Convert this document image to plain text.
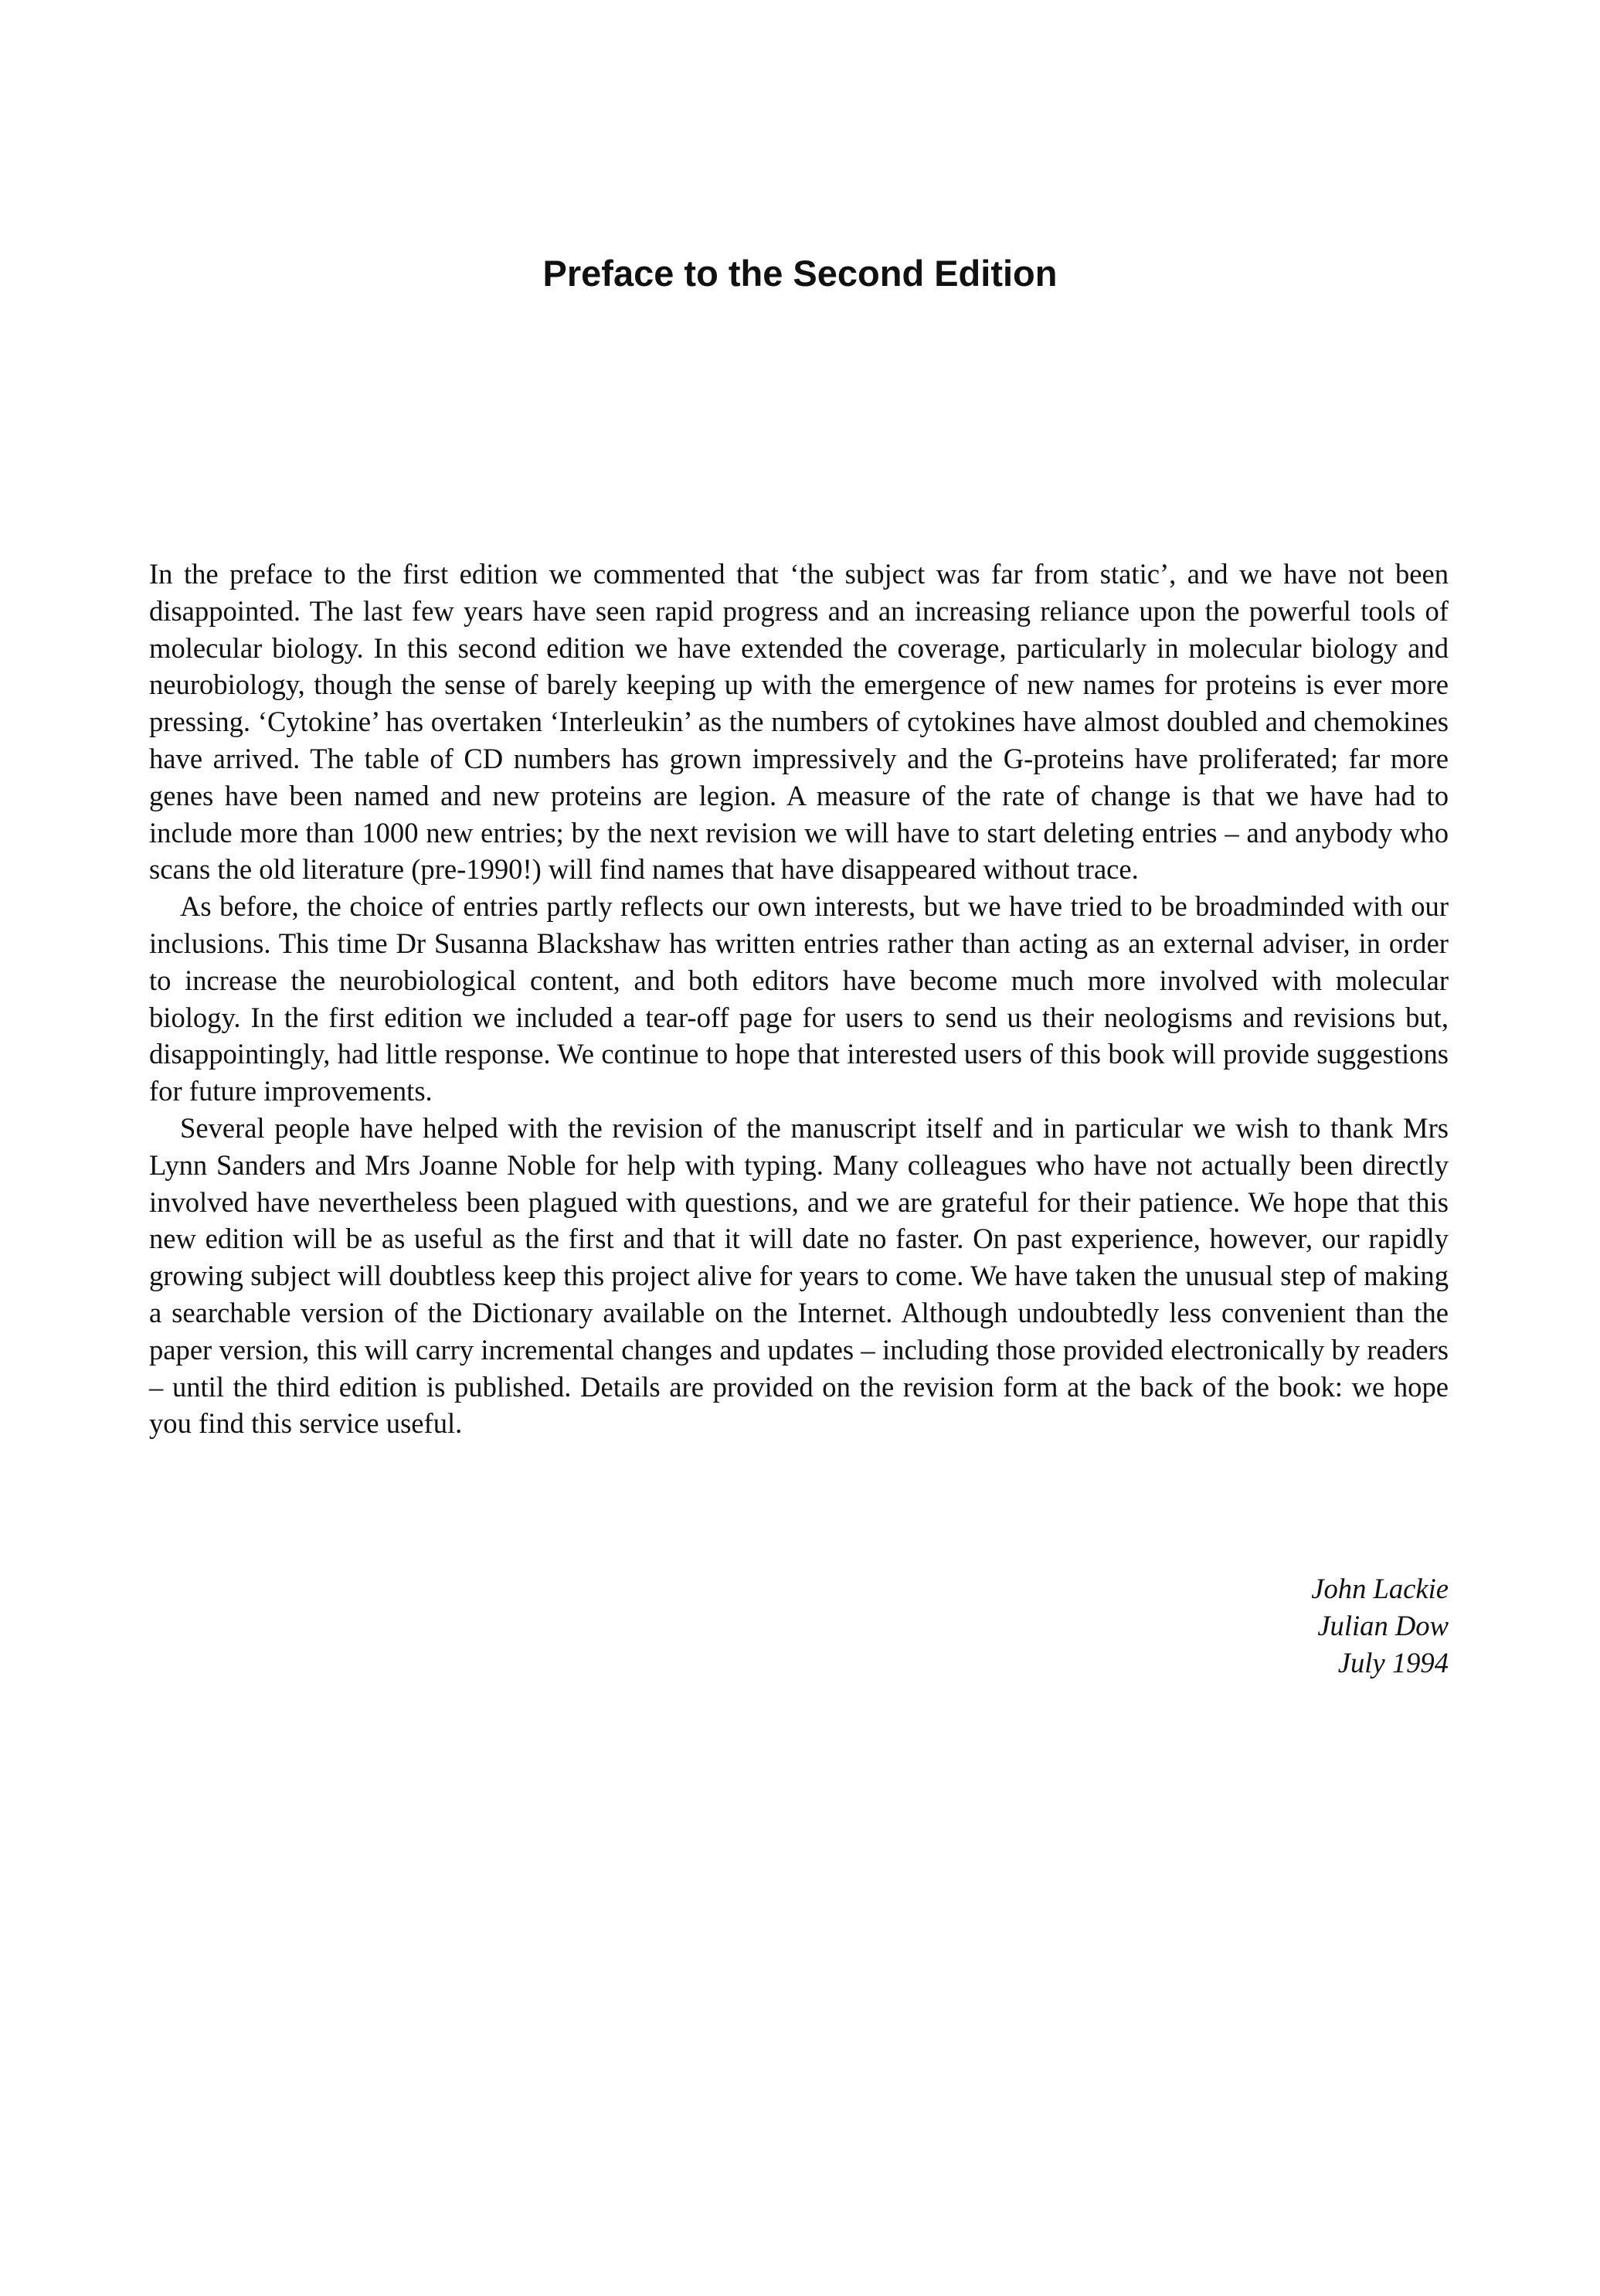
Preface to the Second Edition

In the preface to the first edition we commented that ‘the subject was far from static’, and we have not been disappointed. The last few years have seen rapid progress and an increasing reliance upon the powerful tools of molecular biology. In this second edition we have extended the coverage, particularly in molecular biology and neurobiology, though the sense of barely keeping up with the emergence of new names for proteins is ever more pressing. ‘Cytokine’ has overtaken ‘Interleukin’ as the numbers of cytokines have almost doubled and chemokines have arrived. The table of CD numbers has grown impressively and the G-proteins have proliferated; far more genes have been named and new proteins are legion. A measure of the rate of change is that we have had to include more than 1000 new entries; by the next revision we will have to start deleting entries – and anybody who scans the old literature (pre-1990!) will find names that have disappeared without trace.

As before, the choice of entries partly reflects our own interests, but we have tried to be broadminded with our inclusions. This time Dr Susanna Blackshaw has written entries rather than acting as an external adviser, in order to increase the neurobiological content, and both editors have become much more involved with molecular biology. In the first edition we included a tear-off page for users to send us their neologisms and revisions but, disappointingly, had little response. We continue to hope that interested users of this book will provide suggestions for future improvements.

Several people have helped with the revision of the manuscript itself and in particular we wish to thank Mrs Lynn Sanders and Mrs Joanne Noble for help with typing. Many colleagues who have not actually been directly involved have nevertheless been plagued with questions, and we are grateful for their patience. We hope that this new edition will be as useful as the first and that it will date no faster. On past experience, however, our rapidly growing subject will doubtless keep this project alive for years to come. We have taken the unusual step of making a searchable version of the Dictionary available on the Internet. Although undoubtedly less convenient than the paper version, this will carry incremental changes and updates – including those provided electronically by readers – until the third edition is published. Details are provided on the revision form at the back of the book: we hope you find this service useful.

John Lackie
Julian Dow
July 1994
